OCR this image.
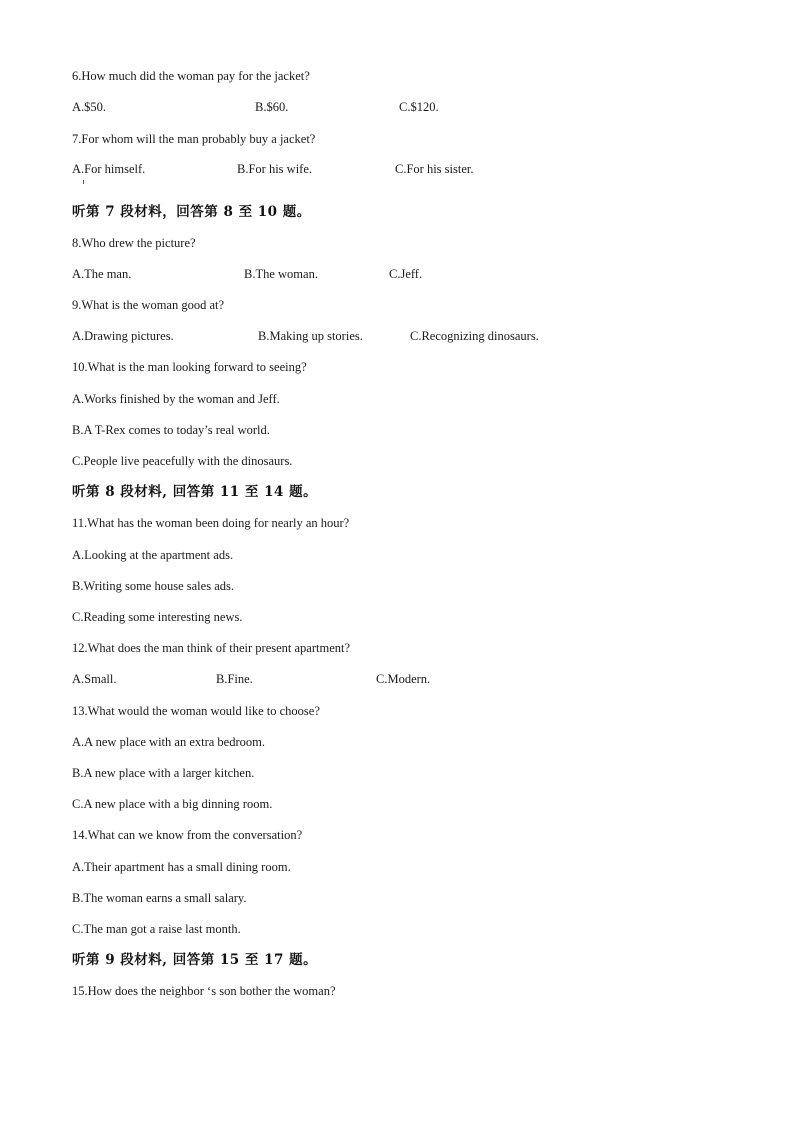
6.How much did the woman pay for the jacket?
A.$50.	B.$60.	C.$120.
7.For whom will the man probably buy a jacket?
A.For himself.	B.For his wife.	C.For his sister.
听第 7 段材料，回答第 8 至 10 题。
8.Who drew the picture?
A.The man.	B.The woman.	C.Jeff.
9.What is the woman good at?
A.Drawing pictures.	B.Making up stories.	C.Recognizing dinosaurs.
10.What is the man looking forward to seeing?
A.Works finished by the woman and Jeff.
B.A T-Rex comes to today’s real world.
C.People live peacefully with the dinosaurs.
听第 8 段材料, 回答第 11 至 14 题。
11.What has the woman been doing for nearly an hour?
A.Looking at the apartment ads.
B.Writing some house sales ads.
C.Reading some interesting news.
12.What does the man think of their present apartment?
A.Small.	B.Fine.	C.Modern.
13.What would the woman would like to choose?
A.A new place with an extra bedroom.
B.A new place with a larger kitchen.
C.A new place with a big dinning room.
14.What can we know from the conversation?
A.Their apartment has a small dining room.
B.The woman earns a small salary.
C.The man got a raise last month.
听第 9 段材料, 回答第 15 至 17 题。
15.How does the neighbor ‘s son bother the woman?
